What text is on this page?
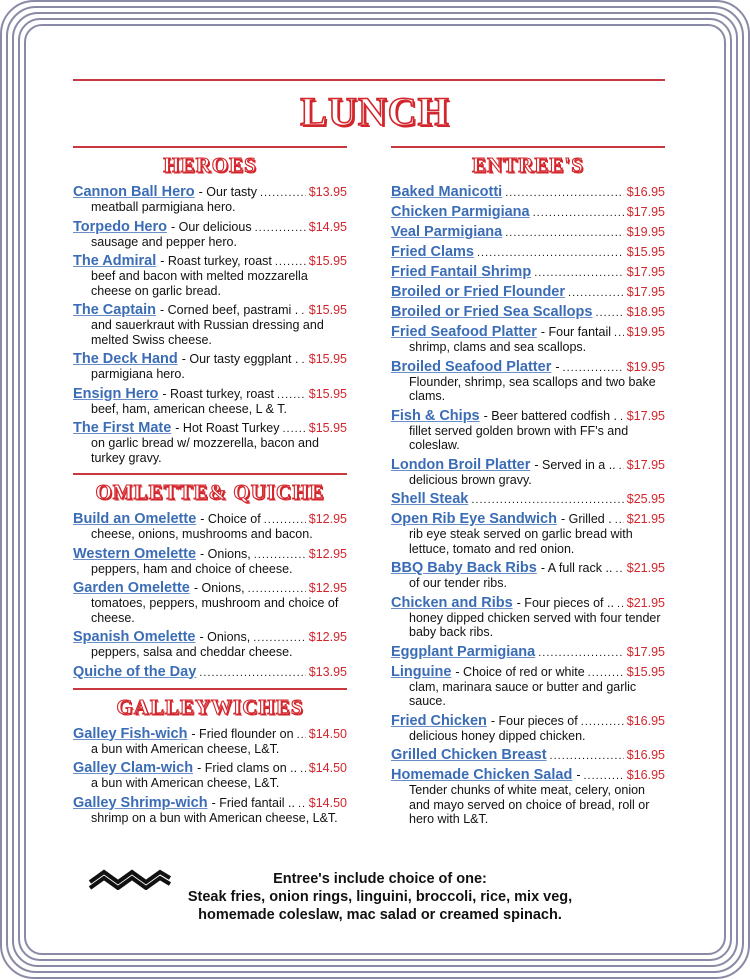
LUNCH
HEROES
Cannon Ball Hero - Our tasty .....	$13.95
meatball parmigiana hero.
Torpedo Hero - Our delicious .....	$14.95
sausage and pepper hero.
The Admiral - Roast turkey, roast .....	$15.95
beef and bacon with melted mozzarella cheese on garlic bread.
The Captain - Corned beef, pastrami . ..... $15.95
and sauerkraut with Russian dressing and melted Swiss cheese.
The Deck Hand - Our tasty eggplant . ..... $15.95
parmigiana hero.
Ensign Hero - Roast turkey, roast .....	$15.95
beef, ham, american cheese, L & T.
The First Mate - Hot Roast Turkey ..... $15.95
on garlic bread w/ mozzerella, bacon and turkey gravy.
OMLETTE& QUICHE
Build an Omelette - Choice of .....	$12.95
cheese, onions, mushrooms and bacon.
Western Omelette - Onions, .....	$12.95
peppers, ham and choice of cheese.
Garden Omelette - Onions, .....	$12.95
tomatoes, peppers, mushroom and choice of cheese.
Spanish Omelette - Onions, .....	$12.95
peppers, salsa and cheddar cheese.
Quiche of the Day .....	$13.95
GALLEYWICHES
Galley Fish-wich - Fried flounder on ..... $14.50
a bun with American cheese, L&T.
Galley Clam-wich - Fried clams on .. ..... $14.50
a bun with American cheese, L&T.
Galley Shrimp-wich - Fried fantail .. ..... $14.50
shrimp on a bun with American cheese, L&T.
ENTREE'S
Baked Manicotti .....	$16.95
Chicken Parmigiana .....	$17.95
Veal Parmigiana .....	$19.95
Fried Clams .....	$15.95
Fried Fantail Shrimp .....	$17.95
Broiled or Fried Flounder .....	$17.95
Broiled or Fried Sea Scallops .....	$18.95
Fried Seafood Platter - Four fantail ..... $19.95
shrimp, clams and sea scallops.
Broiled Seafood Platter - .....	$19.95
Flounder, shrimp, sea scallops and two bake clams.
Fish & Chips - Beer battered codfish . ..... $17.95
fillet served golden brown with FF's and coleslaw.
London Broil Platter - Served in a .. ..... $17.95
delicious brown gravy.
Shell Steak .....	$25.95
Open Rib Eye Sandwich - Grilled . ..... $21.95
rib eye steak served on garlic bread with lettuce, tomato and red onion.
BBQ Baby Back Ribs - A full rack .. ..... $21.95
of our tender ribs.
Chicken and Ribs - Four pieces of .. ..... $21.95
honey dipped chicken served with four tender baby back ribs.
Eggplant Parmigiana .....	$17.95
Linguine - Choice of red or white .....	$15.95
clam, marinara sauce or butter and garlic sauce.
Fried Chicken - Four pieces of .....	$16.95
delicious honey dipped chicken.
Grilled Chicken Breast .....	$16.95
Homemade Chicken Salad - .....	$16.95
Tender chunks of white meat, celery, onion and mayo served on choice of bread, roll or hero with L&T.
Entree's include choice of one:
Steak fries, onion rings, linguini, broccoli, rice, mix veg,
homemade coleslaw, mac salad or creamed spinach.
